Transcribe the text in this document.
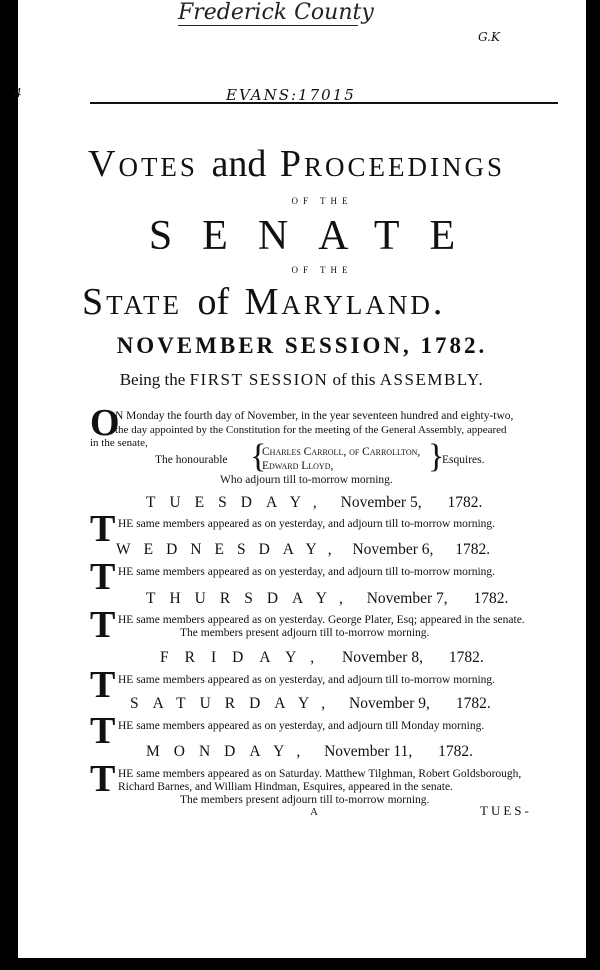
Frederick County
G.K
4	EVANS:17015
Votes and Proceedings
OF THE
SENATE
OF THE
State of Maryland.
NOVEMBER SESSION, 1782.
Being the FIRST SESSION of this ASSEMBLY.
O
N Monday the fourth day of November, in the year seventeen hundred and eighty-two,
the day appointed by the Constitution for the meeting of the General Assembly, appeared
in the senate,
The honourable {
Charles Carroll, of Carrollton,
Edward Lloyd,	}
Esquires.
Who adjourn till to-morrow morning.
TUESDAY, November 5, 1782.
T HE same members appeared as on yesterday, and adjourn till to-morrow morning.
WEDNESDAY, November 6, 1782.
T HE same members appeared as on yesterday, and adjourn till to-morrow morning.
THURSDAY, November 7, 1782.
T HE same members appeared as on yesterday. George Plater, Esq; appeared in the senate.
The members present adjourn till to-morrow morning.
FRIDAY, November 8, 1782.
T HE same members appeared as on yesterday, and adjourn till to-morrow morning.
SATURDAY, November 9, 1782.
T HE same members appeared as on yesterday, and adjourn till Monday morning.
MONDAY, November 11, 1782.
T HE same members appeared as on Saturday. Matthew Tilghman, Robert Goldsborough,
Richard Barnes, and William Hindman, Esquires, appeared in the senate.
The members present adjourn till to-morrow morning.
A	TUES-
